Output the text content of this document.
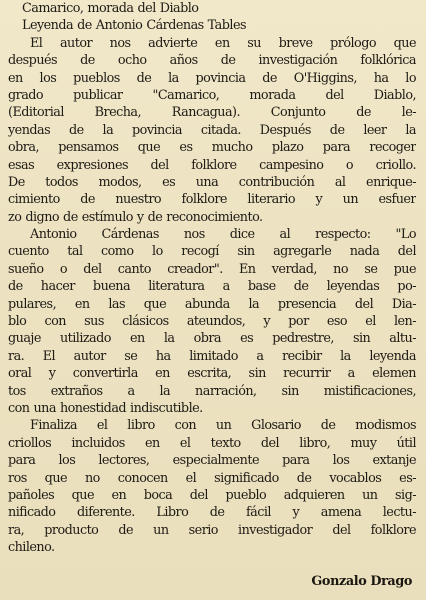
Camarico, morada del Diablo
Leyenda de Antonio Cárdenas Tables
El autor nos advierte en su breve prólogo que
después de ocho años de investigación folklórica
en los pueblos de la povincia de O'Higgins, ha lo
grado publicar "Camarico, morada del Diablo,
(Editorial Brecha, Rancagua). Conjunto de le-
yendas de la povincia citada. Después de leer la
obra, pensamos que es mucho plazo para recoger
esas expresiones del folklore campesino o criollo.
De todos modos, es una contribución al enrique-
cimiento de nuestro folklore literario y un esfuer
zo digno de estímulo y de reconocimiento.
Antonio Cárdenas nos dice al respecto: "Lo
cuento tal como lo recogí sin agregarle nada del
sueño o del canto creador". En verdad, no se pue
de hacer buena literatura a base de leyendas po-
pulares, en las que abunda la presencia del Dia-
blo con sus clásicos ateundos, y por eso el len-
guaje utilizado en la obra es pedrestre, sin altu-
ra. El autor se ha limitado a recibir la leyenda
oral y convertirla en escrita, sin recurrir a elemen
tos extraños a la narración, sin mistificaciones,
con una honestidad indiscutible.
Finaliza el libro con un Glosario de modismos
criollos incluidos en el texto del libro, muy útil
para los lectores, especialmente para los extanje
ros que no conocen el significado de vocablos es-
pañoles que en boca del pueblo adquieren un sig-
nificado diferente. Libro de fácil y amena lectu-
ra, producto de un serio investigador del folklore
chileno.
Gonzalo Drago
